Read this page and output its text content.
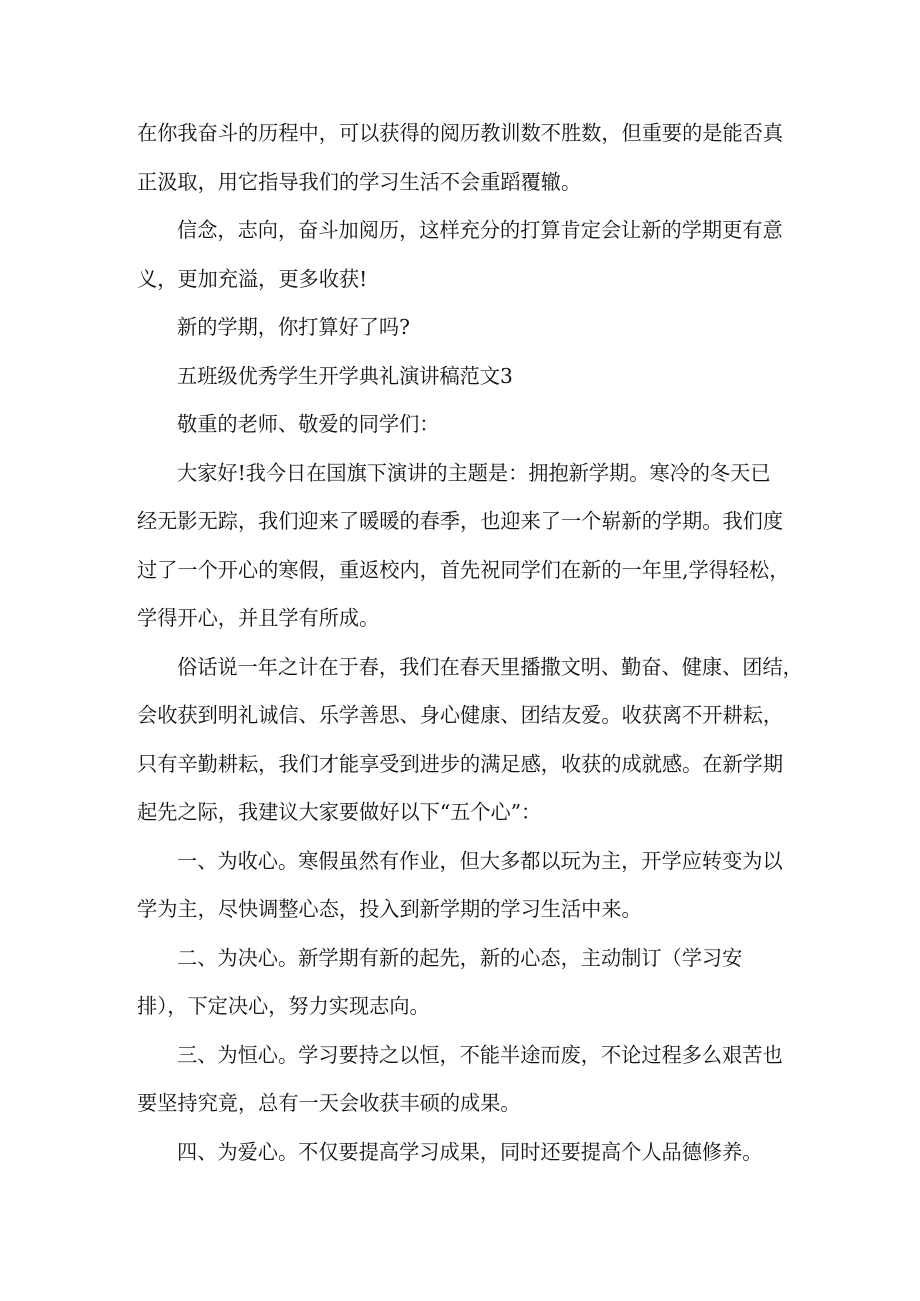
在你我奋斗的历程中，可以获得的阅历教训数不胜数，但重要的是能否真
正汲取，用它指导我们的学习生活不会重蹈覆辙。
信念，志向，奋斗加阅历，这样充分的打算肯定会让新的学期更有意
义，更加充溢，更多收获!
新的学期，你打算好了吗?
五班级优秀学生开学典礼演讲稿范文3
敬重的老师、敬爱的同学们：
大家好!我今日在国旗下演讲的主题是：拥抱新学期。寒冷的冬天已
经无影无踪，我们迎来了暖暖的春季，也迎来了一个崭新的学期。我们度
过了一个开心的寒假，重返校内，首先祝同学们在新的一年里,学得轻松，
学得开心，并且学有所成。
俗话说一年之计在于春，我们在春天里播撒文明、勤奋、健康、团结，
会收获到明礼诚信、乐学善思、身心健康、团结友爱。收获离不开耕耘，
只有辛勤耕耘，我们才能享受到进步的满足感，收获的成就感。在新学期
起先之际，我建议大家要做好以下“五个心”：
一、为收心。寒假虽然有作业，但大多都以玩为主，开学应转变为以
学为主，尽快调整心态，投入到新学期的学习生活中来。
二、为决心。新学期有新的起先，新的心态，主动制订（学习安
排），下定决心，努力实现志向。
三、为恒心。学习要持之以恒，不能半途而废，不论过程多么艰苦也
要坚持究竟，总有一天会收获丰硕的成果。
四、为爱心。不仅要提高学习成果，同时还要提高个人品德修养。
